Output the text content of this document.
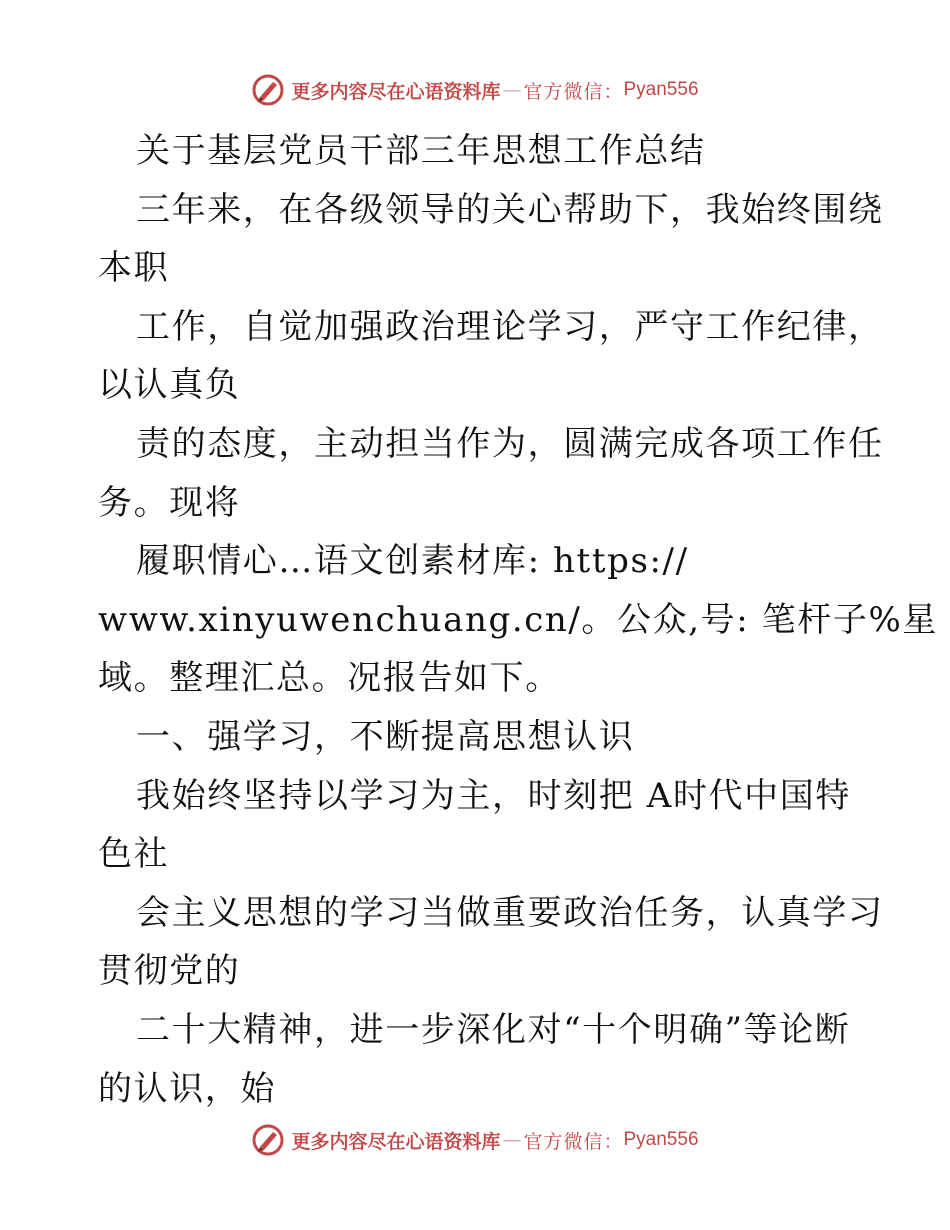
更多内容尽在心语资料库 — 官方微信： Pyan556
关于基层党员干部三年思想工作总结
三年来，在各级领导的关心帮助下，我始终围绕
本职
工作，自觉加强政治理论学习，严守工作纪律，
以认真负
责的态度，主动担当作为，圆满完成各项工作任
务。现将
履职情心…语文创素材库: https://
www.xinyuwenchuang.cn/。公众,号: 笔杆子%星
域。整理汇总。况报告如下。
一、强学习，不断提高思想认识
我始终坚持以学习为主，时刻把 A时代中国特
色社
会主义思想的学习当做重要政治任务，认真学习
贯彻党的
二十大精神，进一步深化对“十个明确”等论断
的认识，始
更多内容尽在心语资料库 — 官方微信： Pyan556
